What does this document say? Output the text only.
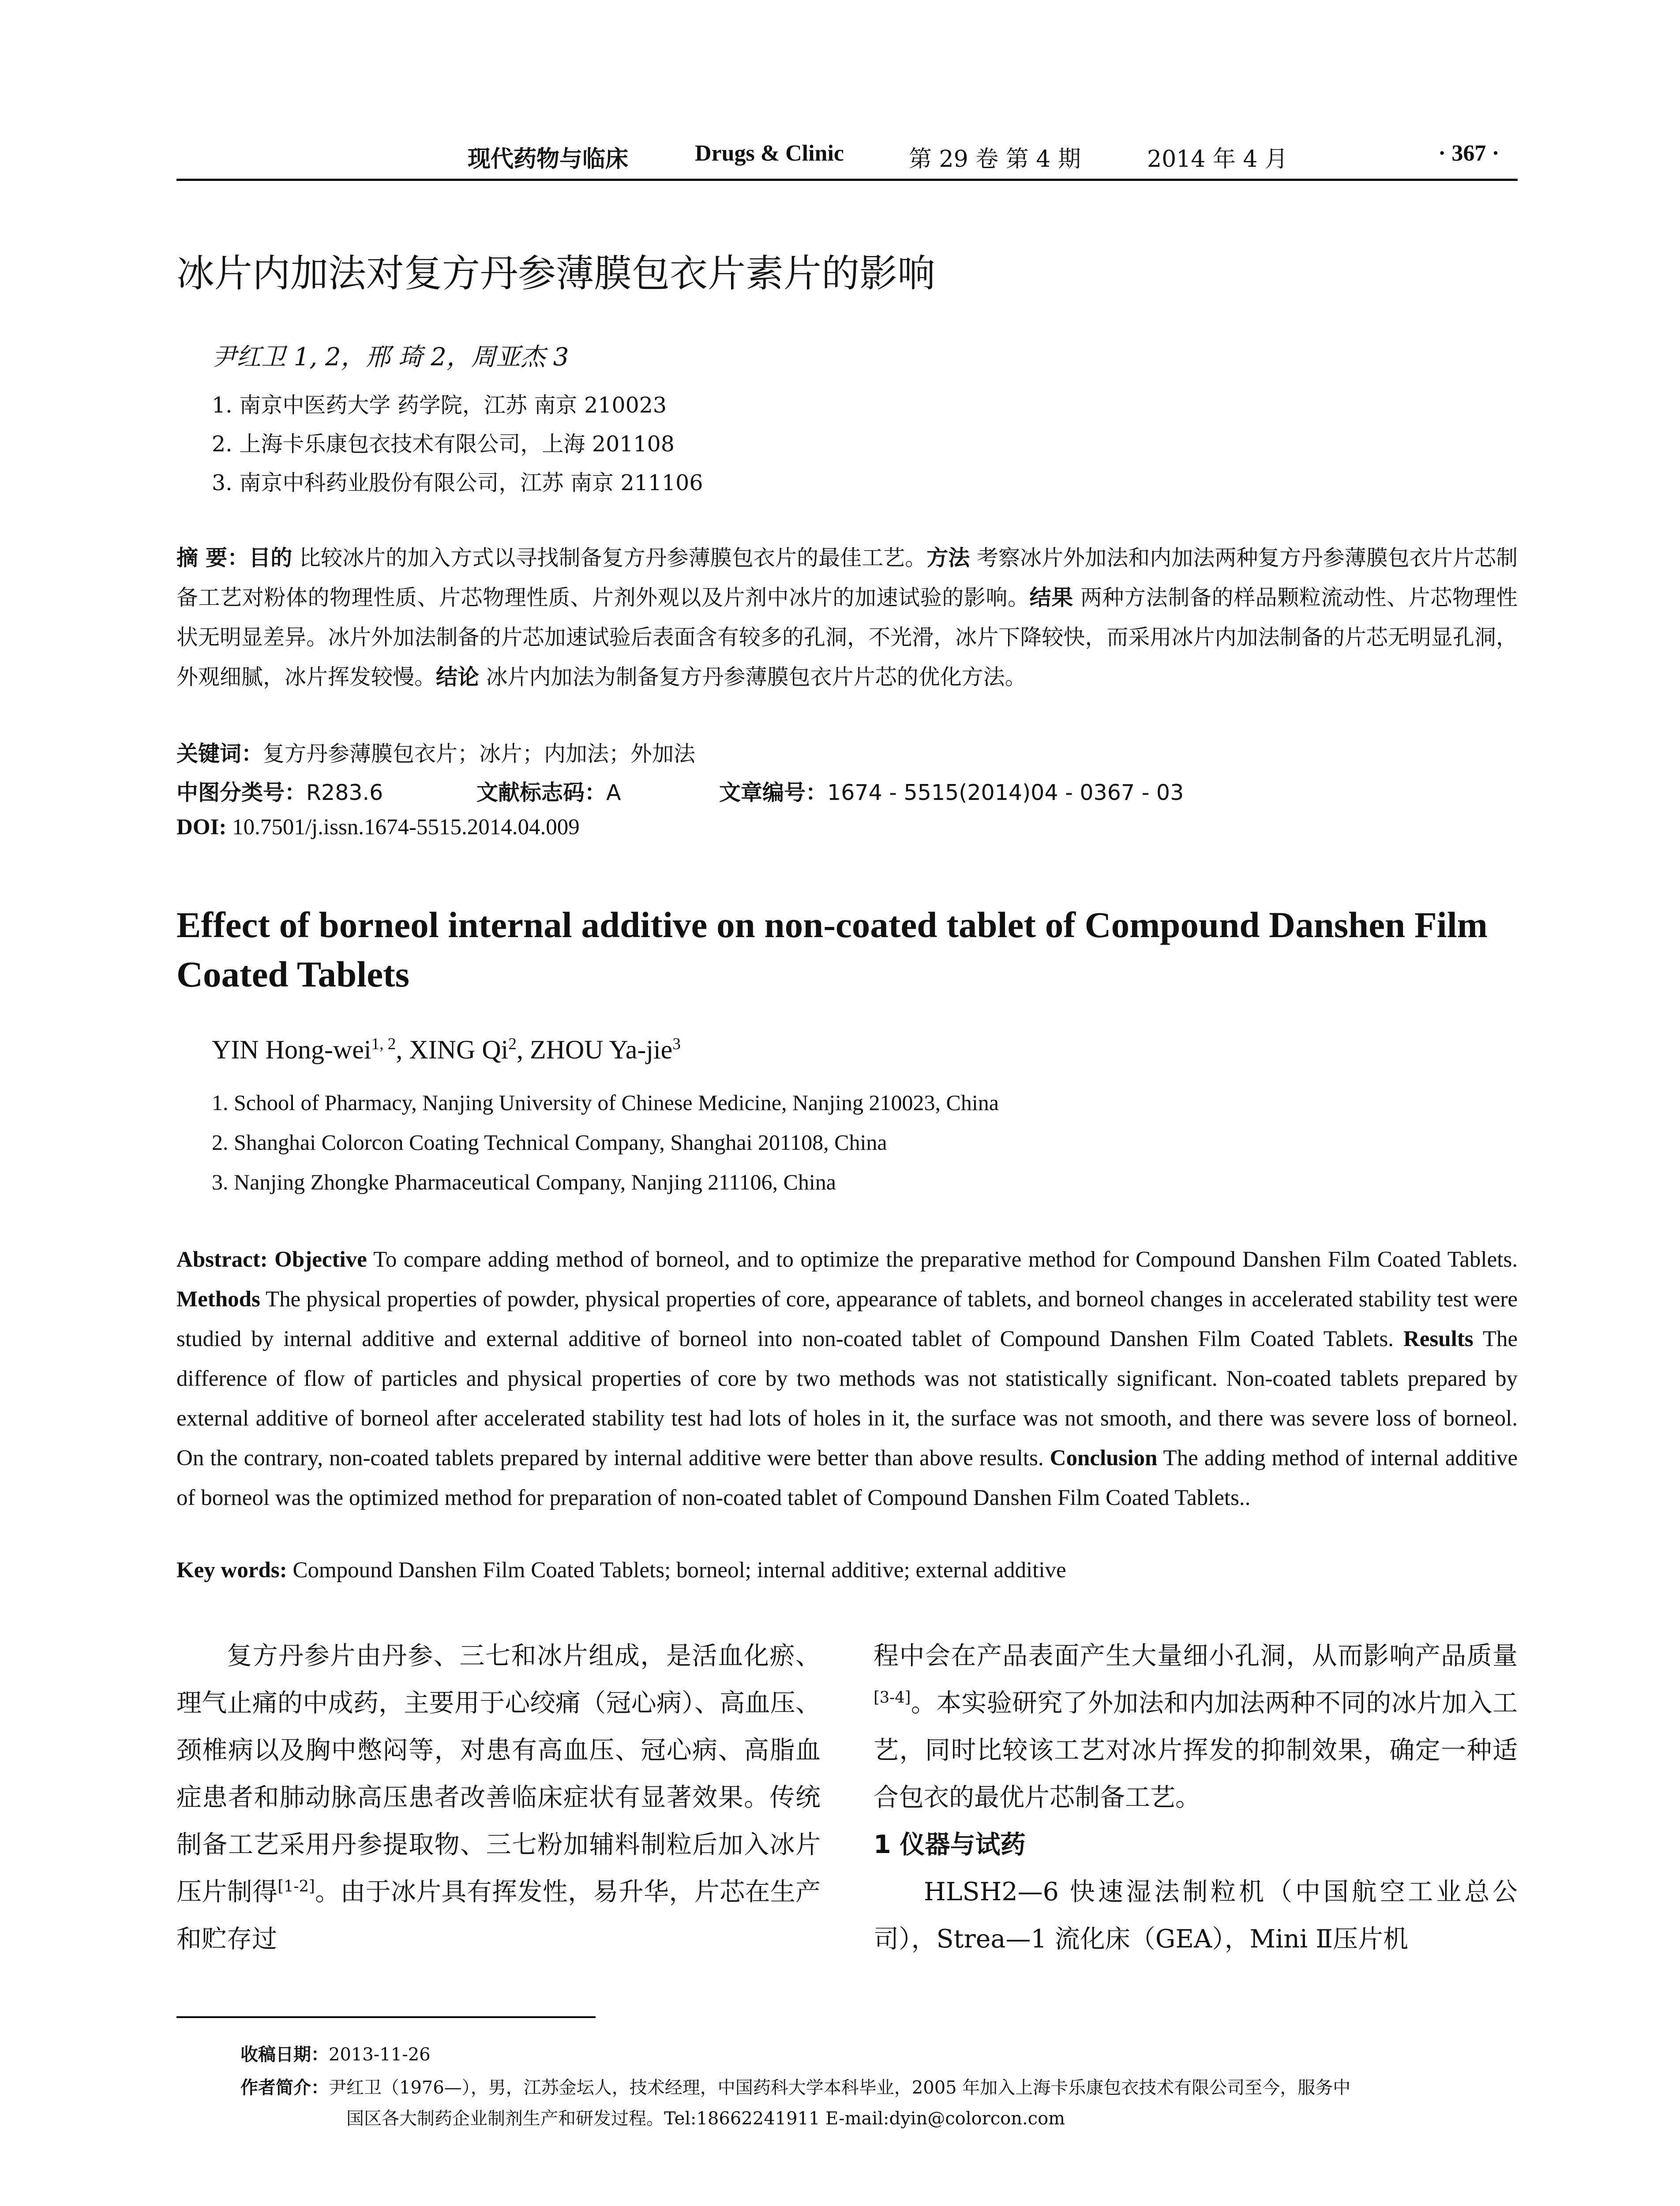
现代药物与临床	Drugs & Clinic	第 29 卷 第 4 期	2014 年 4 月	· 367 ·
冰片内加法对复方丹参薄膜包衣片素片的影响
尹红卫 1, 2，邢 琦 2，周亚杰 3
1. 南京中医药大学 药学院，江苏 南京 210023
2. 上海卡乐康包衣技术有限公司，上海 201108
3. 南京中科药业股份有限公司，江苏 南京 211106
摘 要：目的 比较冰片的加入方式以寻找制备复方丹参薄膜包衣片的最佳工艺。方法 考察冰片外加法和内加法两种复方丹参薄膜包衣片片芯制备工艺对粉体的物理性质、片芯物理性质、片剂外观以及片剂中冰片的加速试验的影响。结果 两种方法制备的样品颗粒流动性、片芯物理性状无明显差异。冰片外加法制备的片芯加速试验后表面含有较多的孔洞，不光滑，冰片下降较快，而采用冰片内加法制备的片芯无明显孔洞，外观细腻，冰片挥发较慢。结论 冰片内加法为制备复方丹参薄膜包衣片片芯的优化方法。
关键词：复方丹参薄膜包衣片；冰片；内加法；外加法
中图分类号：R283.6	文献标志码：A	文章编号：1674 - 5515(2014)04 - 0367 - 03
DOI: 10.7501/j.issn.1674-5515.2014.04.009
Effect of borneol internal additive on non-coated tablet of Compound Danshen Film Coated Tablets
YIN Hong-wei$^{1, 2}$, XING Qi$^2$, ZHOU Ya-jie$^3$
1. School of Pharmacy, Nanjing University of Chinese Medicine, Nanjing 210023, China
2. Shanghai Colorcon Coating Technical Company, Shanghai 201108, China
3. Nanjing Zhongke Pharmaceutical Company, Nanjing 211106, China
Abstract: Objective To compare adding method of borneol, and to optimize the preparative method for Compound Danshen Film Coated Tablets. Methods The physical properties of powder, physical properties of core, appearance of tablets, and borneol changes in accelerated stability test were studied by internal additive and external additive of borneol into non-coated tablet of Compound Danshen Film Coated Tablets. Results The difference of flow of particles and physical properties of core by two methods was not statistically significant. Non-coated tablets prepared by external additive of borneol after accelerated stability test had lots of holes in it, the surface was not smooth, and there was severe loss of borneol. On the contrary, non-coated tablets prepared by internal additive were better than above results. Conclusion The adding method of internal additive of borneol was the optimized method for preparation of non-coated tablet of Compound Danshen Film Coated Tablets..
Key words: Compound Danshen Film Coated Tablets; borneol; internal additive; external additive

复方丹参片由丹参、三七和冰片组成，是活血化瘀、理气止痛的中成药，主要用于心绞痛（冠心病）、高血压、颈椎病以及胸中憋闷等，对患有高血压、冠心病、高脂血症患者和肺动脉高压患者改善临床症状有显著效果。传统制备工艺采用丹参提取物、三七粉加辅料制粒后加入冰片压片制得[1-2]。由于冰片具有挥发性，易升华，片芯在生产和贮存过

程中会在产品表面产生大量细小孔洞，从而影响产品质量[3-4]。本实验研究了外加法和内加法两种不同的冰片加入工艺，同时比较该工艺对冰片挥发的抑制效果，确定一种适合包衣的最优片芯制备工艺。

1 仪器与试药

HLSH2—6 快速湿法制粒机（中国航空工业总公司），Strea—1 流化床（GEA），Mini Ⅱ压片机

收稿日期：2013-11-26
作者简介：尹红卫（1976—），男，江苏金坛人，技术经理，中国药科大学本科毕业，2005 年加入上海卡乐康包衣技术有限公司至今，服务中
国区各大制药企业制剂生产和研发过程。Tel:18662241911 E-mail:dyin@colorcon.com
